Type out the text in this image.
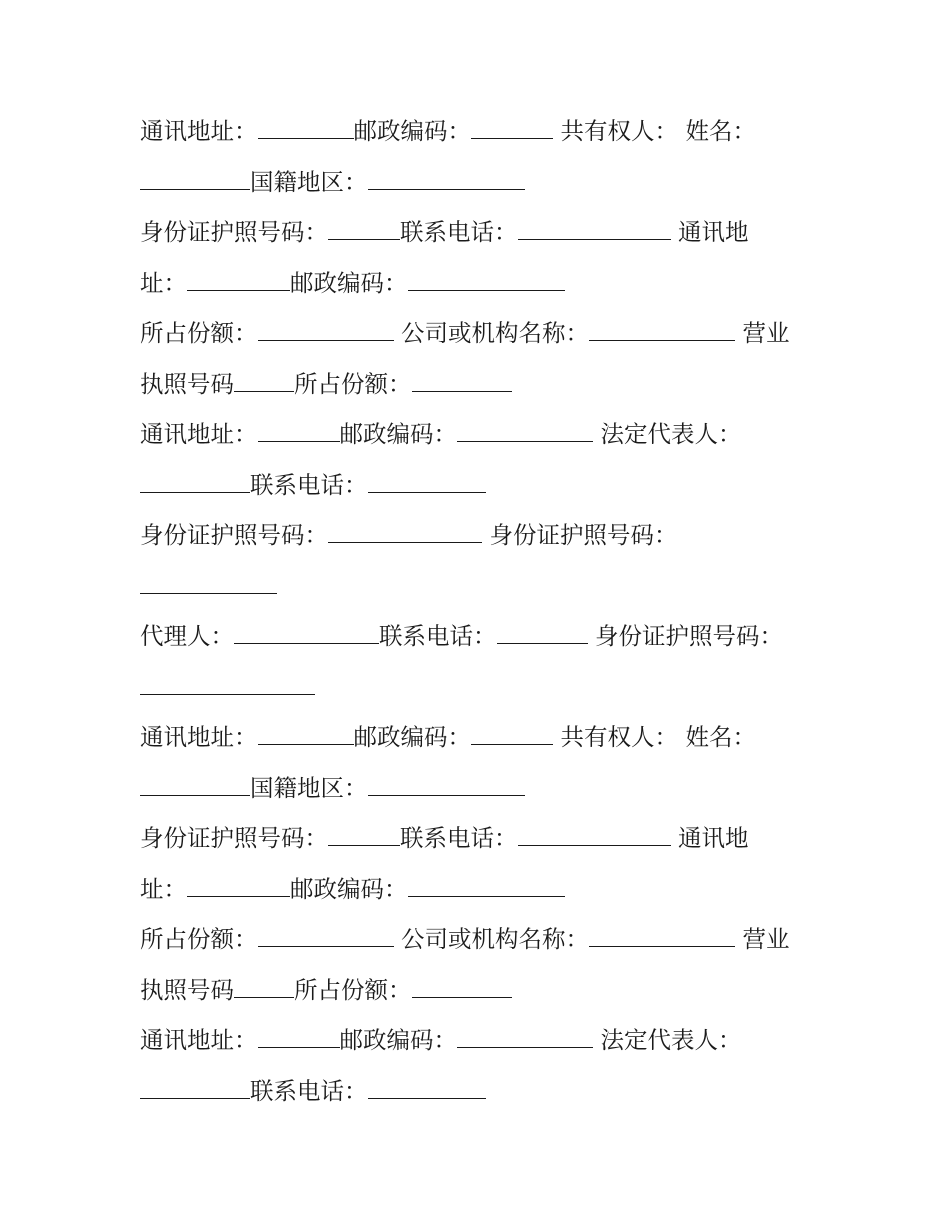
通讯地址：	邮政编码：	共有权人： 姓名：
国籍地区：
身份证护照号码：	联系电话：	通讯地
址：	邮政编码：
所占份额：	公司或机构名称：	营业
执照号码	所占份额：
通讯地址：	邮政编码：	法定代表人：
联系电话：
身份证护照号码：	身份证护照号码：
代理人：	联系电话：	身份证护照号码：
通讯地址：	邮政编码：	共有权人： 姓名：
国籍地区：
身份证护照号码：	联系电话：	通讯地
址：	邮政编码：
所占份额：	公司或机构名称：	营业
执照号码	所占份额：
通讯地址：	邮政编码：	法定代表人：
联系电话：
